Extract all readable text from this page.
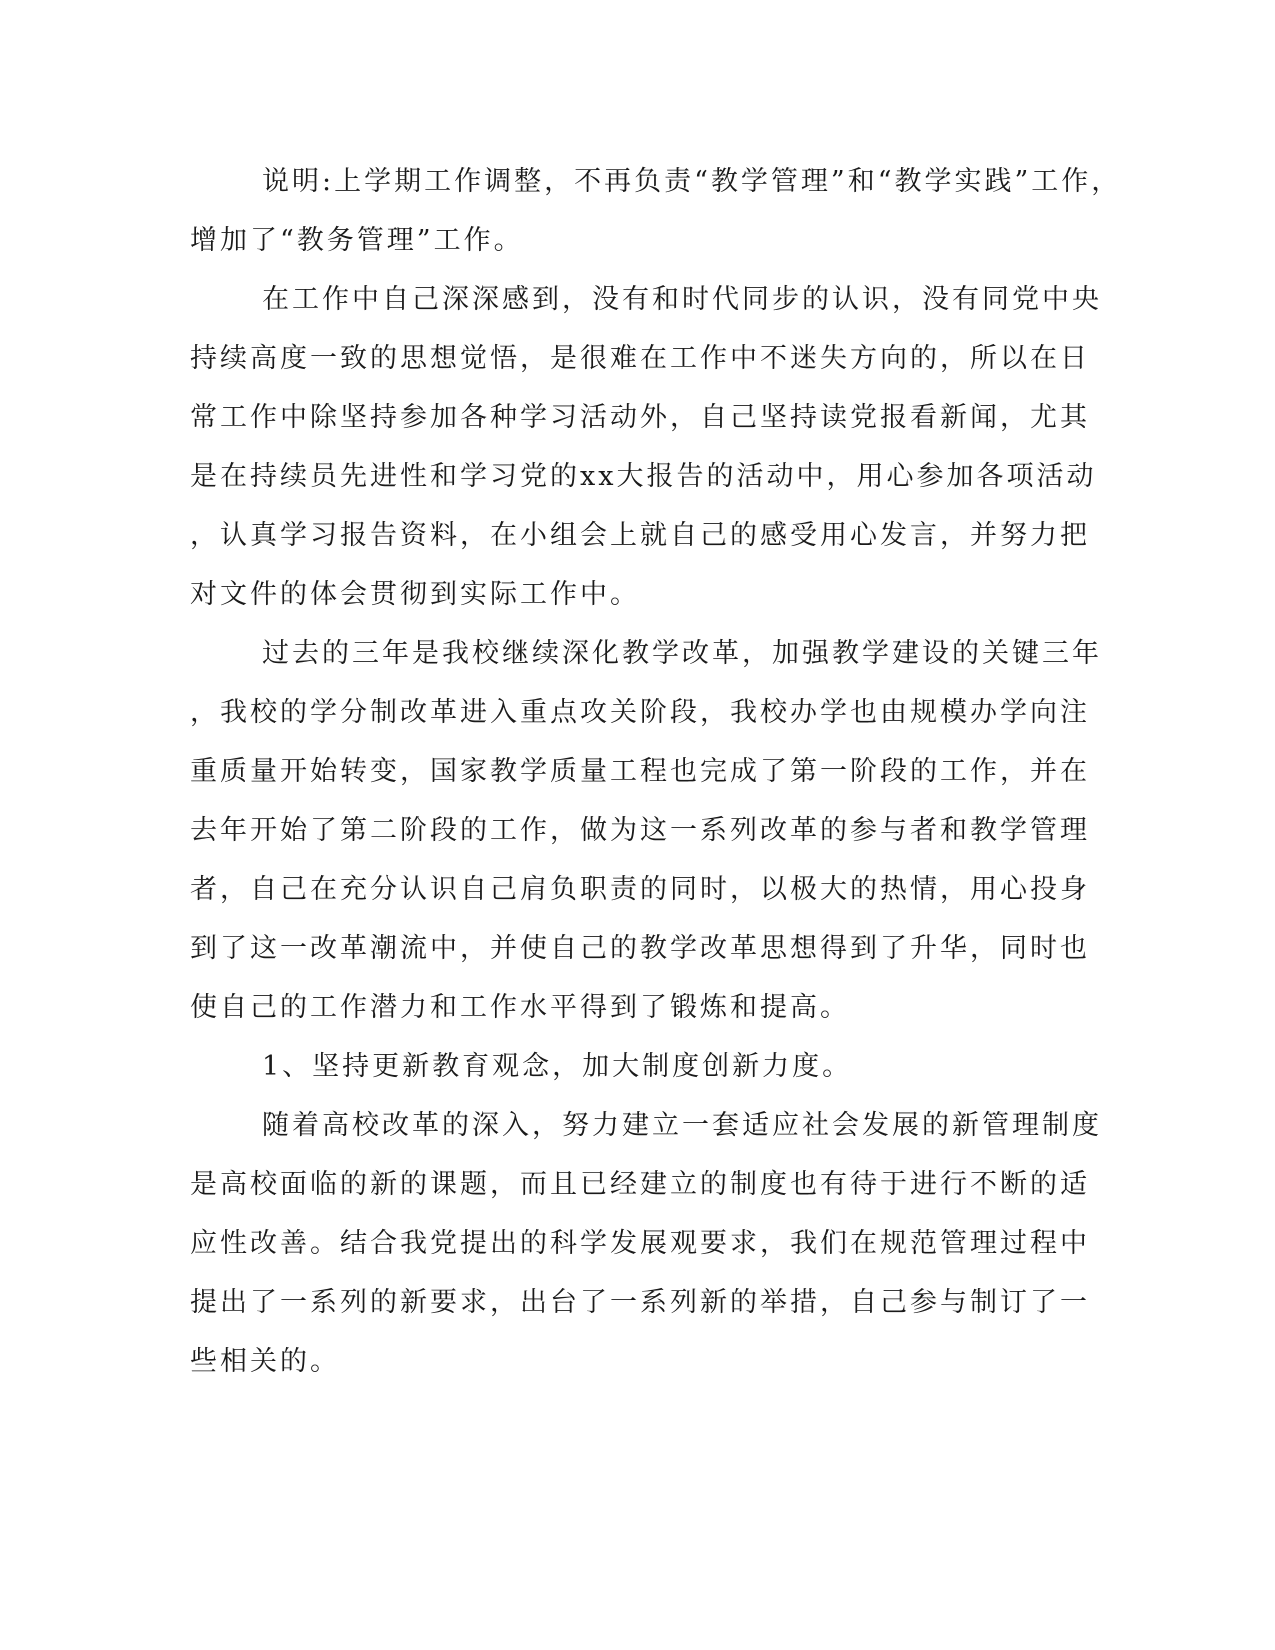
说明:上学期工作调整，不再负责“教学管理”和“教学实践”工作，
增加了“教务管理”工作。
在工作中自己深深感到，没有和时代同步的认识，没有同党中央
持续高度一致的思想觉悟，是很难在工作中不迷失方向的，所以在日
常工作中除坚持参加各种学习活动外，自己坚持读党报看新闻，尤其
是在持续员先进性和学习党的xx大报告的活动中，用心参加各项活动
，认真学习报告资料，在小组会上就自己的感受用心发言，并努力把
对文件的体会贯彻到实际工作中。
过去的三年是我校继续深化教学改革，加强教学建设的关键三年
，我校的学分制改革进入重点攻关阶段，我校办学也由规模办学向注
重质量开始转变，国家教学质量工程也完成了第一阶段的工作，并在
去年开始了第二阶段的工作，做为这一系列改革的参与者和教学管理
者，自己在充分认识自己肩负职责的同时，以极大的热情，用心投身
到了这一改革潮流中，并使自己的教学改革思想得到了升华，同时也
使自己的工作潜力和工作水平得到了锻炼和提高。
1、坚持更新教育观念，加大制度创新力度。
随着高校改革的深入，努力建立一套适应社会发展的新管理制度
是高校面临的新的课题，而且已经建立的制度也有待于进行不断的适
应性改善。结合我党提出的科学发展观要求，我们在规范管理过程中
提出了一系列的新要求，出台了一系列新的举措，自己参与制订了一
些相关的。
